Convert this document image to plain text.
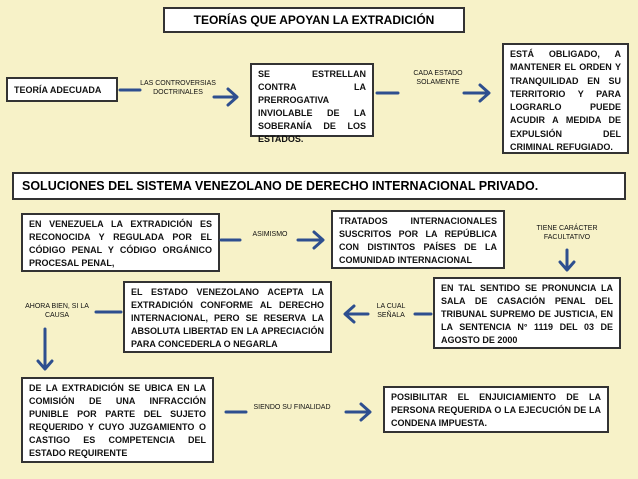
TEORÍAS QUE APOYAN LA EXTRADICIÓN
SOLUCIONES DEL SISTEMA VENEZOLANO DE DERECHO INTERNACIONAL PRIVADO.
TEORÍA ADECUADA
LAS CONTROVERSIAS DOCTRINALES
SE ESTRELLAN CONTRA LA PRERROGATIVA INVIOLABLE DE LA SOBERANÍA DE LOS ESTADOS.
CADA ESTADO SOLAMENTE
ESTÁ OBLIGADO, A MANTENER EL ORDEN Y TRANQUILIDAD EN SU TERRITORIO Y PARA LOGRARLO PUEDE ACUDIR A MEDIDA DE EXPULSIÓN DEL CRIMINAL REFUGIADO.
EN VENEZUELA LA EXTRADICIÓN ES RECONOCIDA Y REGULADA POR EL CÓDIGO PENAL Y CÓDIGO ORGÁNICO PROCESAL PENAL,
ASIMISMO
TRATADOS INTERNACIONALES SUSCRITOS POR LA REPÚBLICA CON DISTINTOS PAÍSES DE LA COMUNIDAD INTERNACIONAL
TIENE CARÁCTER FACULTATIVO
AHORA BIEN, SI LA CAUSA
EL ESTADO VENEZOLANO ACEPTA LA EXTRADICIÓN CONFORME AL DERECHO INTERNACIONAL, PERO SE RESERVA LA ABSOLUTA LIBERTAD EN LA APRECIACIÓN PARA CONCEDERLA O NEGARLA
LA CUAL SEÑALA
EN TAL SENTIDO SE PRONUNCIA LA SALA DE CASACIÓN PENAL DEL TRIBUNAL SUPREMO DE JUSTICIA, EN LA SENTENCIA N° 1119 DEL 03 DE AGOSTO DE 2000
DE LA EXTRADICIÓN SE UBICA EN LA COMISIÓN DE UNA INFRACCIÓN PUNIBLE POR PARTE DEL SUJETO REQUERIDO Y CUYO JUZGAMIENTO O CASTIGO ES COMPETENCIA DEL ESTADO REQUIRENTE
SIENDO SU FINALIDAD
POSIBILITAR EL ENJUICIAMIENTO DE LA PERSONA REQUERIDA O LA EJECUCIÓN DE LA CONDENA IMPUESTA.
